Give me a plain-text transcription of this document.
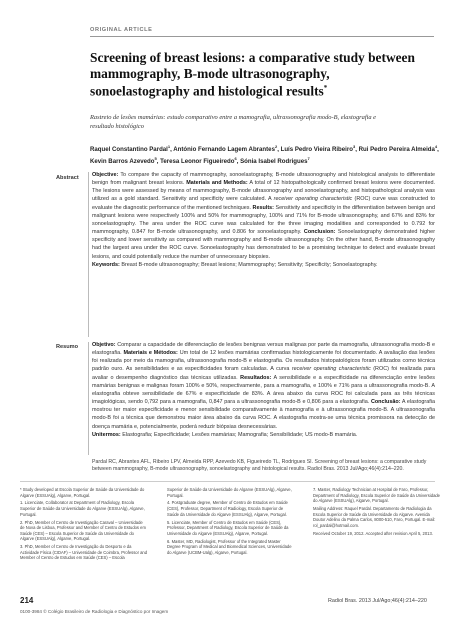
ORIGINAL ARTICLE
Screening of breast lesions: a comparative study between mammography, B-mode ultrasonography, sonoelastography and histological results*
Rastreio de lesões mamárias: estudo comparativo entre a mamografia, ultrassonografia modo-B, elastografia e resultado histológico
Raquel Constantino Pardal$^1$, António Fernando Lagem Abrantes$^2$, Luís Pedro Vieira Ribeiro$^3$, Rui Pedro Pereira Almeida$^4$, Kevin Barros Azevedo$^5$, Teresa Leonor Figueiredo$^6$, Sónia Isabel Rodrigues$^7$
Abstract Objective: To compare the capacity of mammography, sonoelastography, B-mode ultrasonography and histological analysis to differentiate benign from malignant breast lesions. Materials and Methods: A total of 12 histopathologically confirmed breast lesions were documented. The lesions were assessed by means of mammography, B-mode ultrasonography and sonoelastography, and histopathological analysis was utilized as a gold standard. Sensitivity and specificity were calculated. A receiver operating characteristic (ROC) curve was constructed to evaluate the diagnostic performance of the mentioned techniques. Results: Sensitivity and specificity in the differentiation between benign and malignant lesions were respectively 100% and 50% for mammography, 100% and 71% for B-mode ultrasonography, and 67% and 83% for sonoelastography. The area under the ROC curve was calculated for the three imaging modalities and corresponded to 0.792 for mammography, 0.847 for B-mode ultrasonography, and 0.806 for sonoelastography. Conclusion: Sonoelastography demonstrated higher specificity and lower sensitivity as compared with mammography and B-mode ultrasonography. On the other hand, B-mode ultrasonography had the largest area under the ROC curve. Sonoelastography has demonstrated to be a promising technique to detect and evaluate breast lesions, and could potentially reduce the number of unnecessary biopsies.
Keywords: Breast B-mode ultrasonography; Breast lesions; Mammography; Sensitivity; Specificity; Sonoelastography.
Resumo	Objetivo: Comparar a capacidade de diferenciação de lesões benignas versus malignas por parte da mamografia, ultrassonografia modo-B e elastografia. Materiais e Métodos: Um total de 12 lesões mamárias confirmadas histologicamente foi documentado. A avaliação das lesões foi realizada por meio da mamografia, ultrassonografia modo-B e elastografia. Os resultados histopatológicos foram utilizados como técnica padrão ouro. As sensibilidades e as especificidades foram calculadas. A curva receiver operating characteristic (ROC) foi realizada para avaliar o desempenho diagnóstico das técnicas utilizadas. Resultados: A sensibilidade e a especificidade na diferenciação entre lesões mamárias benignas e malignas foram 100% e 50%, respectivamente, para a mamografia, e 100% e 71% para a ultrassonografia modo-B. A elastografia obteve sensibilidade de 67% e especificidade de 83%. A área abaixo da curva ROC foi calculada para as três técnicas imagiológicas, sendo 0,792 para a mamografia, 0,847 para a ultrassonografia modo-B e 0,806 para a elastografia. Conclusão: A elastografia mostrou ter maior especificidade e menor sensibilidade comparativamente à mamografia e à ultrassonografia modo-B. A ultrassonografia modo-B foi a técnica que demonstrou maior área abaixo da curva ROC. A elastografia mostra-se uma técnica promissora na detecção de doença mamária e, potencialmente, poderá reduzir biópsias desnecessárias.
Unitermos: Elastografia; Especificidade; Lesões mamárias; Mamografia; Sensibilidade; US modo-B mamária.
Pardal RC, Abrantes AFL, Ribeiro LPV, Almeida RPP, Azevedo KB, Figueiredo TL, Rodrigues SI. Screening of breast lesions: a comparative study between mammography, B-mode ultrasonography, sonoelastography and histological results. Radiol Bras. 2013 Jul/Ago;46(4):214–220.

* Study developed at Escola Superior de Saúde da Universidade do Algarve (ESSUAlg), Algarve, Portugal.

1. Licenciate, Collaborator at Department of Radiology, Escola Superior de Saúde da Universidade do Algarve (ESSUAlg), Algarve, Portugal.

2. PhD, Member of Centro de Investigação Caraval – Universidade de Nova de Lisboa, Professor and Member of Centro de Estudos em Saúde (CES) – Escola Superior de Saúde da Universidade do Algarve (ESSUAlg), Algarve, Portugal.

3. PhD, Member of Centro de Investigação do Desporto e da Actividade Física (CIDAF) – Universidade de Coimbra, Professor and Member of Centro de Estudos em Saúde (CES) – Escola

Superior de Saúde da Universidade do Algarve (ESSUAlg), Algarve, Portugal.

4. Postgraduate degree, Member of Centro de Estudos em Saúde (CES), Professor, Department of Radiology, Escola Superior de Saúde da Universidade do Algarve (ESSUAlg), Algarve, Portugal.

5. Licenciate, Member of Centro de Estudos em Saúde (CES), Professor, Department of Radiology, Escola Superior de Saúde da Universidade do Algarve (ESSUAlg), Algarve, Portugal.

6. Master, MD, Radiologist, Professor of the Integrated Master Degree Program of Medical and Biomedical Sciences, Universidade do Algarve (UCBM-Ualg), Algarve, Portugal.

7. Master, Radiology Technician at Hospital de Faro, Professor, Department of Radiology, Escola Superior de Saúde da Universidade do Algarve (ESSUAlg), Algarve, Portugal.

Mailing Address: Raquel Pardal. Departamento de Radiologia da Escola Superior de Saúde da Universidade do Algarve. Avenida Doutor Adelino da Palma Carlos, 8000-510, Faro, Portugal. E-mail: rol_pardal@hotmail.com.

Received October 19, 2012. Accepted after revision April 5, 2013.

214	Radiol Bras. 2013 Jul/Ago;46(4):214–220
0100-3984 © Colégio Brasileiro de Radiologia e Diagnóstico por Imagem
